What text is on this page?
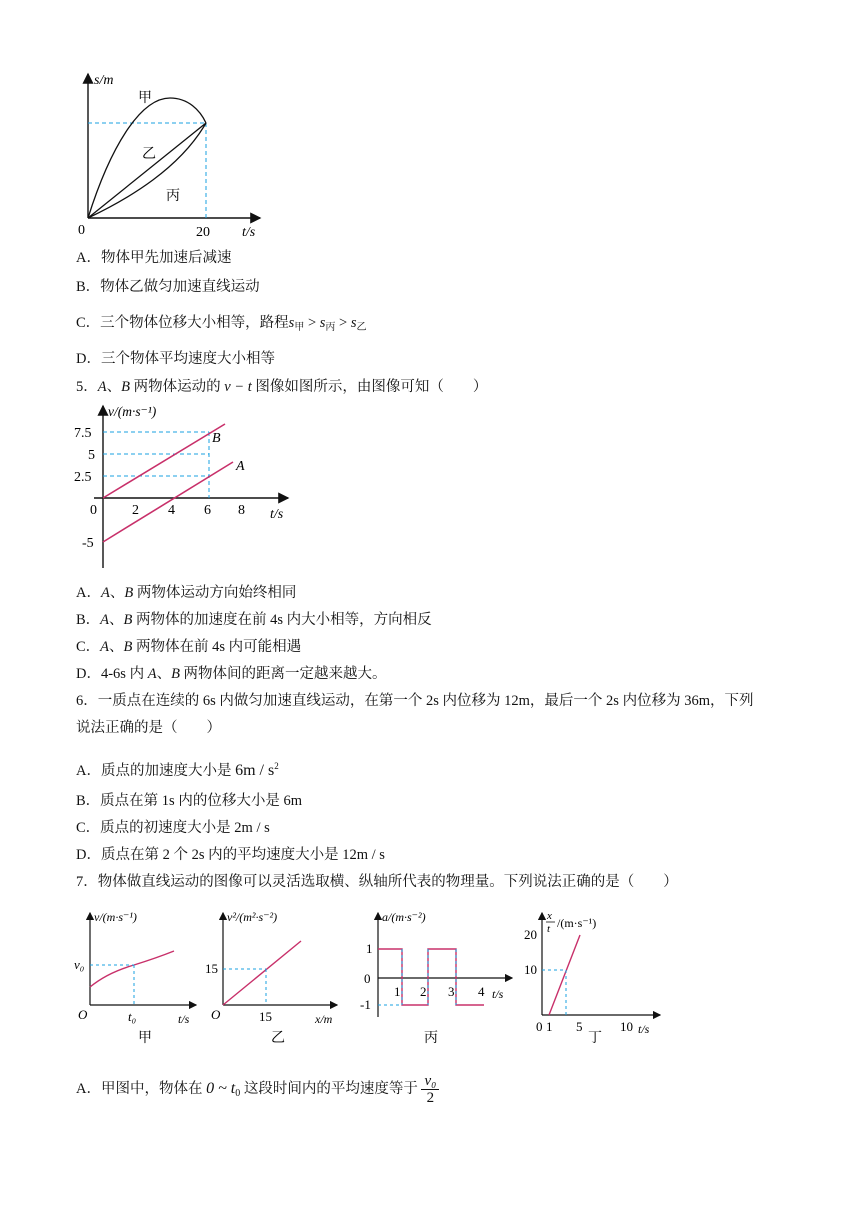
s/m
t/s
0	20
甲
乙
丙
A．物体甲先加速后减速
B．物体乙做匀加速直线运动
C．三个物体位移大小相等，路程$s_甲 > s_丙 > s_乙$
D．三个物体平均速度大小相等
5．A、B 两物体运动的 v − t 图像如图所示，由图像可知（　　）
v/(m·s⁻¹)
t/s
0
7.5
5
2.5
-5
2 4 6 8
B
A
A．A、B 两物体运动方向始终相同
B．A、B 两物体的加速度在前 4s 内大小相等，方向相反
C．A、B 两物体在前 4s 内可能相遇
D．4-6s 内 A、B 两物体间的距离一定越来越大。
6．一质点在连续的 6s 内做匀加速直线运动，在第一个 2s 内位移为 12m，最后一个 2s 内位移为 36m，下列
说法正确的是（　　）
A．质点的加速度大小是 $6m / s^2$
B．质点在第 1s 内的位移大小是 6m
C．质点的初速度大小是 2m / s
D．质点在第 2 个 2s 内的平均速度大小是 12m / s
7．物体做直线运动的图像可以灵活选取横、纵轴所代表的物理量。下列说法正确的是（　　）
v/(m·s⁻¹)
t/s
O
v₀
t₀
甲
v²/(m²·s⁻²)
x/m
O
15
15
乙
a/(m·s⁻²)
t/s
0
1
-1
1 2 3 4
丙
x
t /(m·s⁻¹)
t/s
0 1
20
10
5	10
丁
A．甲图中，物体在 0 ~ $t_0$ 这段时间内的平均速度等于 $\frac{\text{v₀}}{2}$
